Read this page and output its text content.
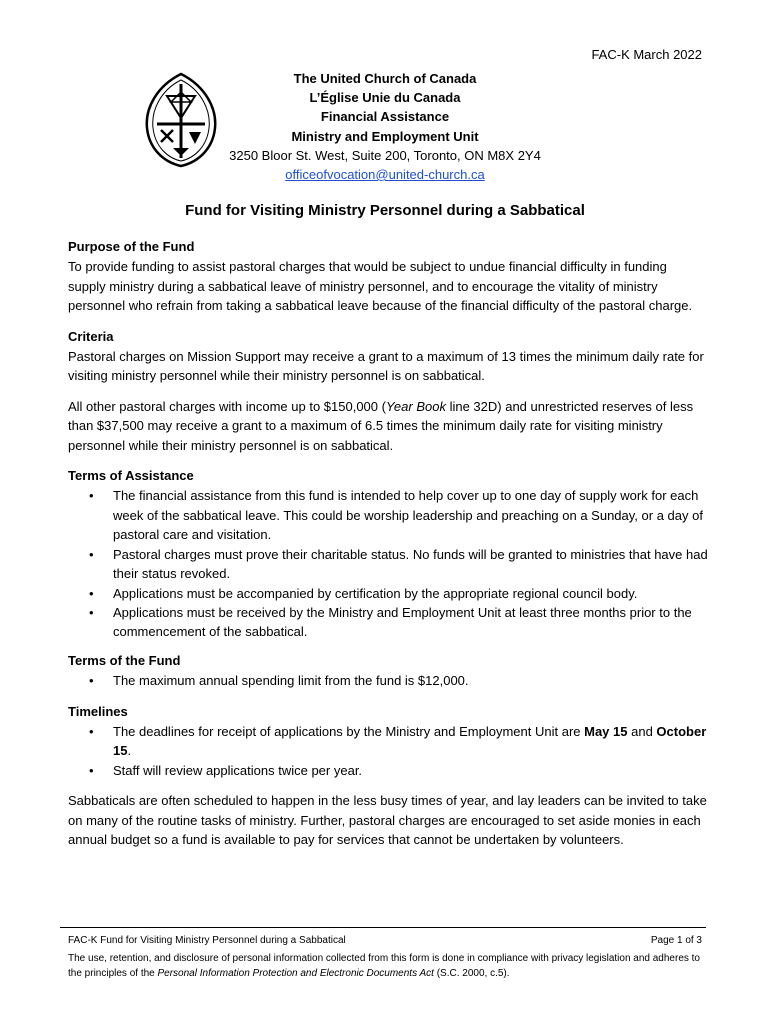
FAC-K March 2022
The United Church of Canada
L’Église Unie du Canada
Financial Assistance
Ministry and Employment Unit
3250 Bloor St. West, Suite 200, Toronto, ON M8X 2Y4
officeofvocation@united-church.ca
Fund for Visiting Ministry Personnel during a Sabbatical
Purpose of the Fund

To provide funding to assist pastoral charges that would be subject to undue financial difficulty in funding supply ministry during a sabbatical leave of ministry personnel, and to encourage the vitality of ministry personnel who refrain from taking a sabbatical leave because of the financial difficulty of the pastoral charge.

Criteria

Pastoral charges on Mission Support may receive a grant to a maximum of 13 times the minimum daily rate for visiting ministry personnel while their ministry personnel is on sabbatical.

All other pastoral charges with income up to $150,000 (Year Book line 32D) and unrestricted reserves of less than $37,500 may receive a grant to a maximum of 6.5 times the minimum daily rate for visiting ministry personnel while their ministry personnel is on sabbatical.

Terms of Assistance
• The financial assistance from this fund is intended to help cover up to one day of supply work for each week of the sabbatical leave. This could be worship leadership and preaching on a Sunday, or a day of pastoral care and visitation.
• Pastoral charges must prove their charitable status. No funds will be granted to ministries that have had their status revoked.
• Applications must be accompanied by certification by the appropriate regional council body.
• Applications must be received by the Ministry and Employment Unit at least three months prior to the commencement of the sabbatical.
Terms of the Fund
• The maximum annual spending limit from the fund is $12,000.
Timelines
• The deadlines for receipt of applications by the Ministry and Employment Unit are May 15 and October 15.
• Staff will review applications twice per year.

Sabbaticals are often scheduled to happen in the less busy times of year, and lay leaders can be invited to take on many of the routine tasks of ministry. Further, pastoral charges are encouraged to set aside monies in each annual budget so a fund is available to pay for services that cannot be undertaken by volunteers.

FAC-K Fund for Visiting Ministry Personnel during a Sabbatical	Page 1 of 3
The use, retention, and disclosure of personal information collected from this form is done in compliance with privacy legislation and adheres to the principles of the Personal Information Protection and Electronic Documents Act (S.C. 2000, c.5).
